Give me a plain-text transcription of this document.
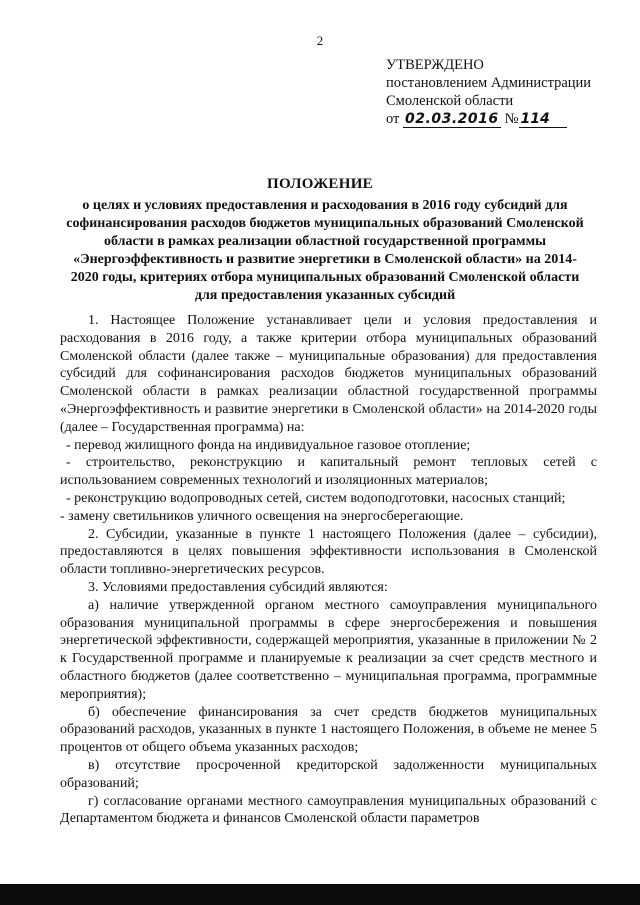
2
УТВЕРЖДЕНО
постановлением Администрации
Смоленской области
от 02.03.2016 № 114
ПОЛОЖЕНИЕ
о целях и условиях предоставления и расходования в 2016 году субсидий для софинансирования расходов бюджетов муниципальных образований Смоленской области в рамках реализации областной государственной программы «Энергоэффективность и развитие энергетики в Смоленской области» на 2014-2020 годы, критериях отбора муниципальных образований Смоленской области для предоставления указанных субсидий

1. Настоящее Положение устанавливает цели и условия предоставления и расходования в 2016 году, а также критерии отбора муниципальных образований Смоленской области (далее также – муниципальные образования) для предоставления субсидий для софинансирования расходов бюджетов муниципальных образований Смоленской области в рамках реализации областной государственной программы «Энергоэффективность и развитие энергетики в Смоленской области» на 2014-2020 годы (далее – Государственная программа) на:

- перевод жилищного фонда на индивидуальное газовое отопление;

- строительство, реконструкцию и капитальный ремонт тепловых сетей с использованием современных технологий и изоляционных материалов;

- реконструкцию водопроводных сетей, систем водоподготовки, насосных станций;

- замену светильников уличного освещения на энергосберегающие.

2. Субсидии, указанные в пункте 1 настоящего Положения (далее – субсидии), предоставляются в целях повышения эффективности использования в Смоленской области топливно-энергетических ресурсов.

3. Условиями предоставления субсидий являются:

а) наличие утвержденной органом местного самоуправления муниципального образования муниципальной программы в сфере энергосбережения и повышения энергетической эффективности, содержащей мероприятия, указанные в приложении № 2 к Государственной программе и планируемые к реализации за счет средств местного и областного бюджетов (далее соответственно – муниципальная программа, программные мероприятия);

б) обеспечение финансирования за счет средств бюджетов муниципальных образований расходов, указанных в пункте 1 настоящего Положения, в объеме не менее 5 процентов от общего объема указанных расходов;

в) отсутствие просроченной кредиторской задолженности муниципальных образований;

г) согласование органами местного самоуправления муниципальных образований с Департаментом бюджета и финансов Смоленской области параметров
